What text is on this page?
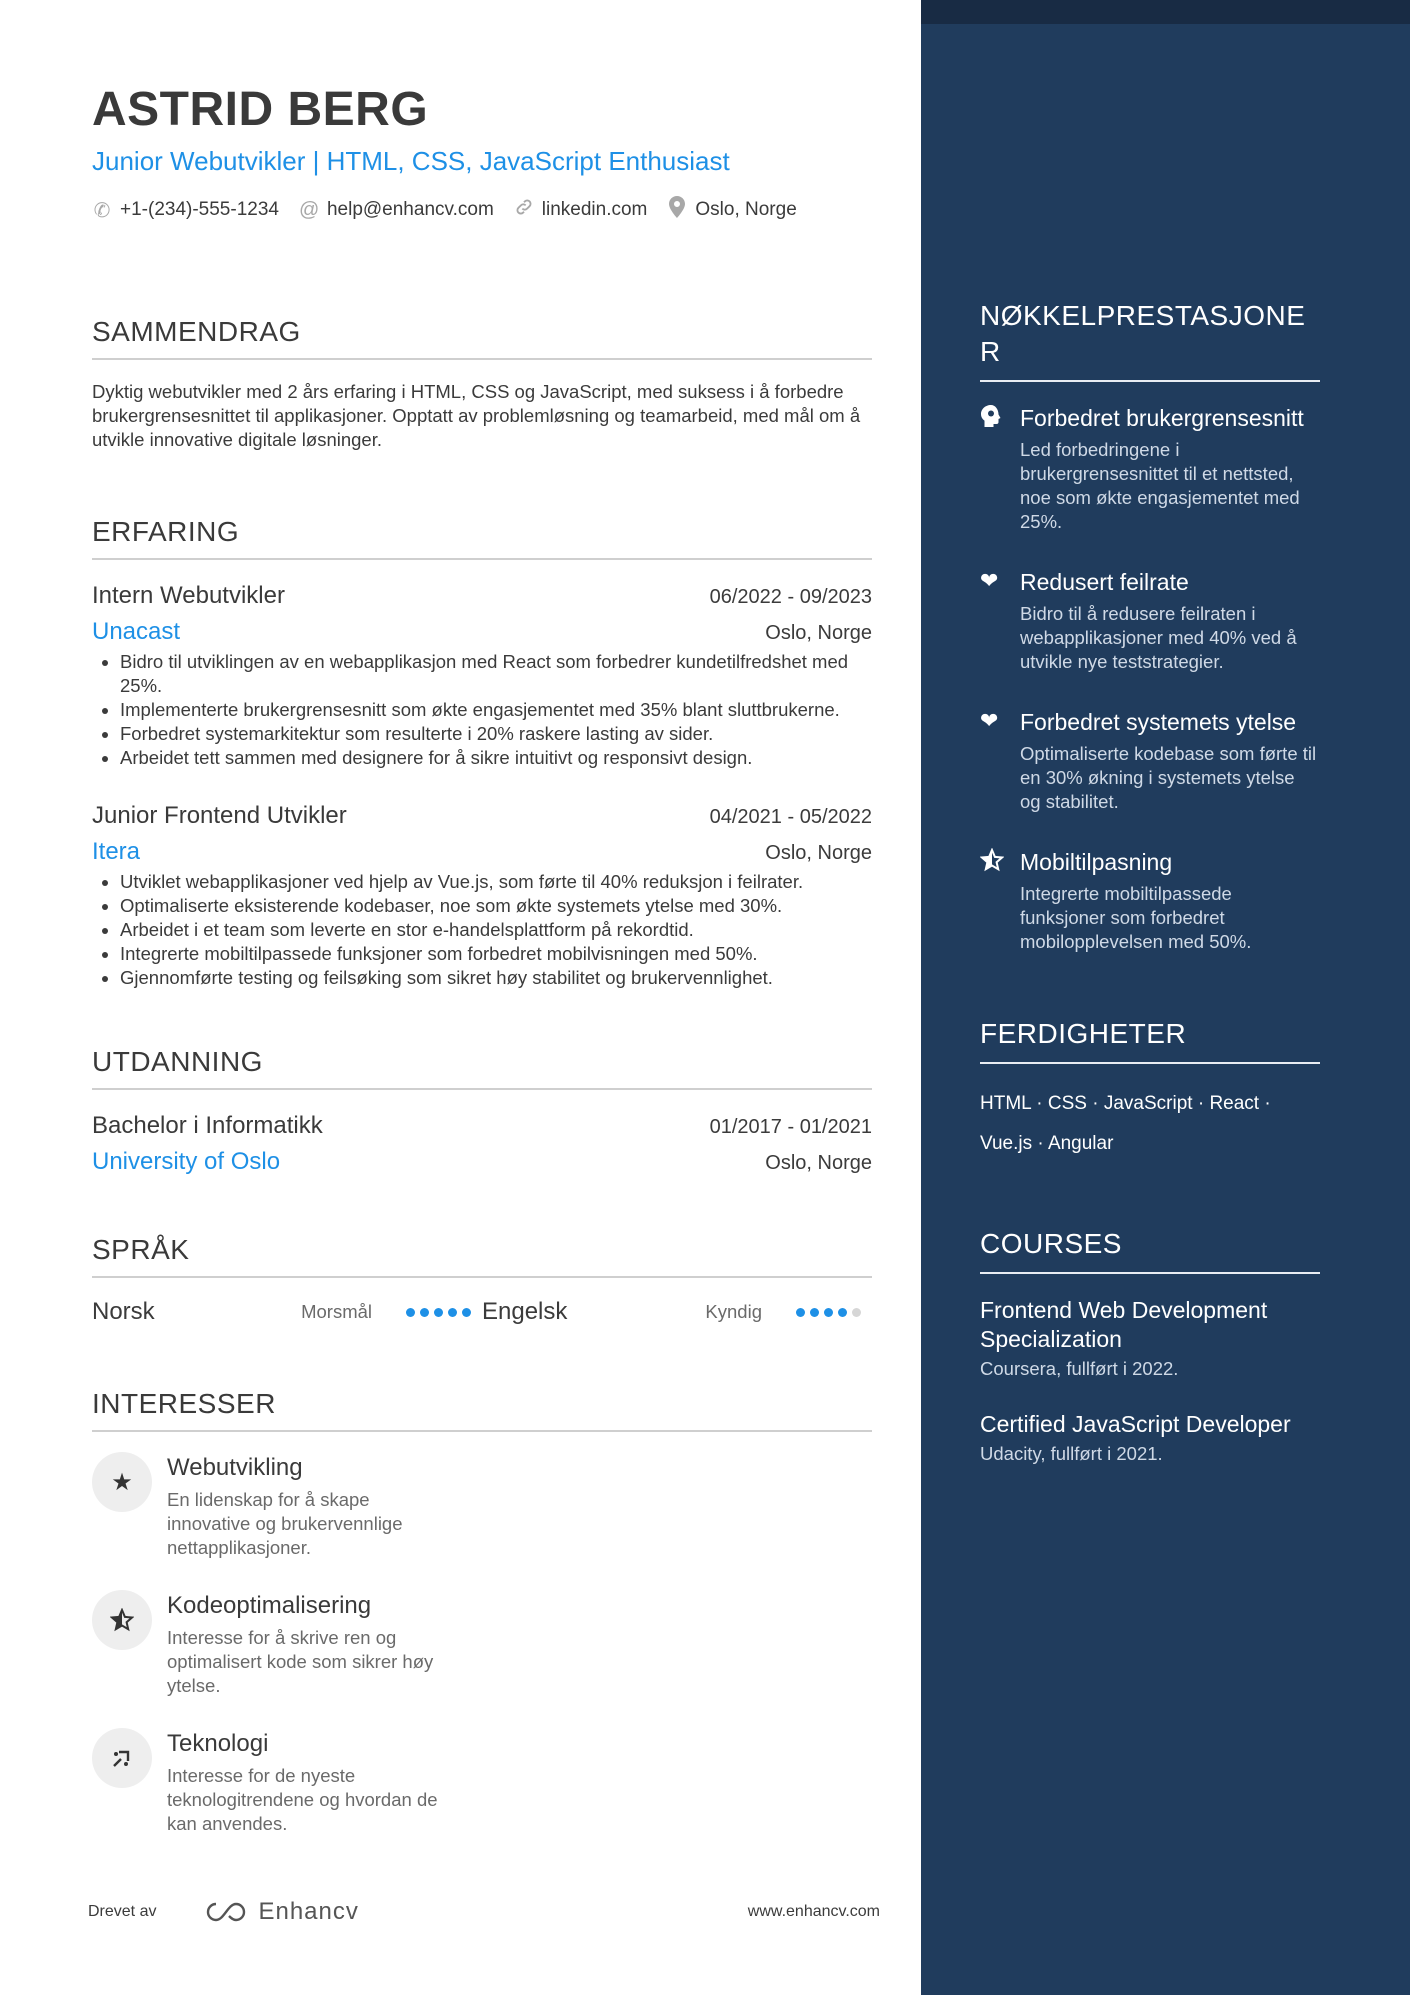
ASTRID BERG
Junior Webutvikler | HTML, CSS, JavaScript Enthusiast
✆ +1-(234)-555-1234 @ help@enhancv.com	linkedin.com	Oslo, Norge
SAMMENDRAG
Dyktig webutvikler med 2 års erfaring i HTML, CSS og JavaScript, med suksess i å forbedre brukergrensesnittet til applikasjoner. Opptatt av problemløsning og teamarbeid, med mål om å utvikle innovative digitale løsninger.
ERFARING
Intern Webutvikler	06/2022 - 09/2023
Unacast	Oslo, Norge
• Bidro til utviklingen av en webapplikasjon med React som forbedrer kundetilfredshet med 25%.
• Implementerte brukergrensesnitt som økte engasjementet med 35% blant sluttbrukerne.
• Forbedret systemarkitektur som resulterte i 20% raskere lasting av sider.
• Arbeidet tett sammen med designere for å sikre intuitivt og responsivt design.
Junior Frontend Utvikler	04/2021 - 05/2022
Itera	Oslo, Norge
• Utviklet webapplikasjoner ved hjelp av Vue.js, som førte til 40% reduksjon i feilrater.
• Optimaliserte eksisterende kodebaser, noe som økte systemets ytelse med 30%.
• Arbeidet i et team som leverte en stor e-handelsplattform på rekordtid.
• Integrerte mobiltilpassede funksjoner som forbedret mobilvisningen med 50%.
• Gjennomførte testing og feilsøking som sikret høy stabilitet og brukervennlighet.
UTDANNING
Bachelor i Informatikk	01/2017 - 01/2021
University of Oslo	Oslo, Norge
SPRÅK
Norsk	Morsmål	Engelsk	Kyndig
INTERESSER
★
Webutvikling
En lidenskap for å skape innovative og brukervennlige nettapplikasjoner.
Kodeoptimalisering
Interesse for å skrive ren og optimalisert kode som sikrer høy ytelse.
Teknologi
Interesse for de nyeste teknologitrendene og hvordan de kan anvendes.
Drevet av	Enhancv	www.enhancv.com
NØKKELPRESTASJONER
Forbedret brukergrensesnitt
Led forbedringene i brukergrensesnittet til et nettsted, noe som økte engasjementet med 25%.
❤ Redusert feilrate
Bidro til å redusere feilraten i webapplikasjoner med 40% ved å utvikle nye teststrategier.
❤ Forbedret systemets ytelse
Optimaliserte kodebase som førte til en 30% økning i systemets ytelse og stabilitet.
Mobiltilpasning
Integrerte mobiltilpassede funksjoner som forbedret mobilopplevelsen med 50%.
FERDIGHETER
HTML · CSS · JavaScript · React · Vue.js · Angular
COURSES
Frontend Web Development Specialization
Coursera, fullført i 2022.
Certified JavaScript Developer
Udacity, fullført i 2021.
